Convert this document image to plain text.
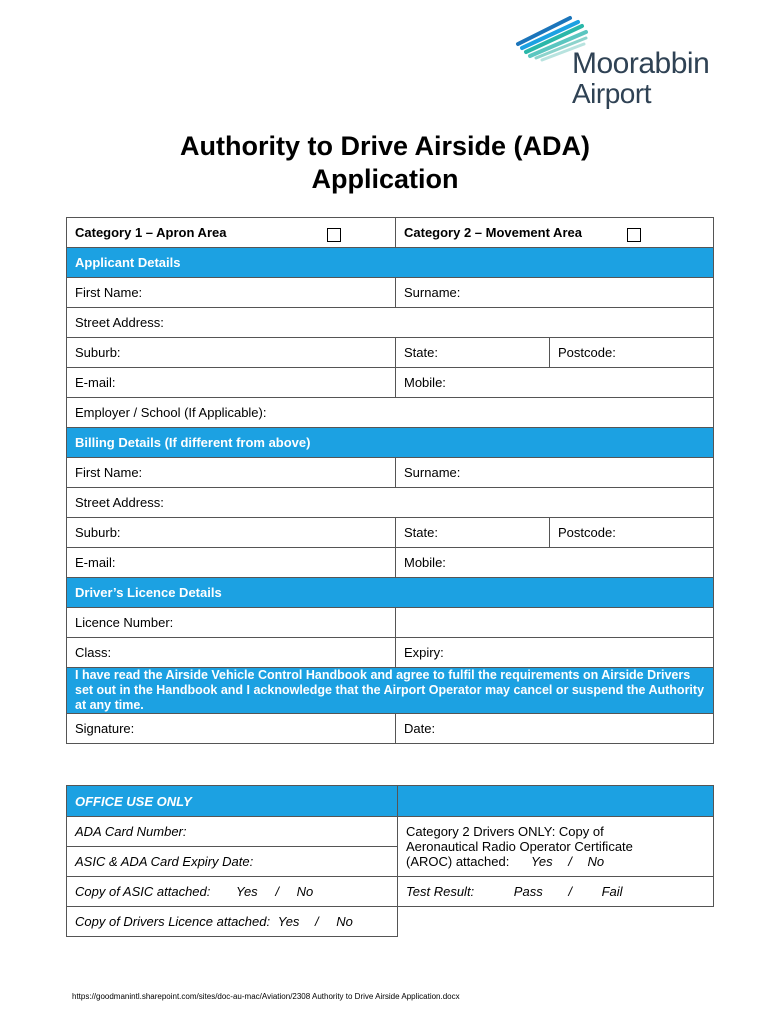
Moorabbin
Airport
Authority to Drive Airside (ADA)
Application
Category 1 – Apron Area	Category 2 – Movement Area	

Applicant Details		
First Name:	Surname:	
Street Address:		
Suburb:	State:	Postcode:
E-mail:	Mobile:	
Employer / School (If Applicable):		
Billing Details (If different from above)		
First Name:	Surname:	
Street Address:		
Suburb:	State:	Postcode:
E-mail:	Mobile:	
Driver’s Licence Details		
Licence Number:		
Class:	Expiry:	
I have read the Airside Vehicle Control Handbook and agree to fulfil the requirements on Airside Drivers set out in the Handbook and I acknowledge that the Airport Operator may cancel or suspend the Authority at any time.		
Signature:	Date:	
OFFICE USE ONLY	
ADA Card Number:	Category 2 Drivers ONLY: Copy of
Aeronautical Radio Operator Certificate
(AROC) attached: Yes / No

ASIC & ADA Card Expiry Date:	
Copy of ASIC attached: Yes / No	Test Result: Pass / Fail
Copy of Drivers Licence attached: Yes / No	
https://goodmanintl.sharepoint.com/sites/doc-au-mac/Aviation/2308 Authority to Drive Airside Application.docx
